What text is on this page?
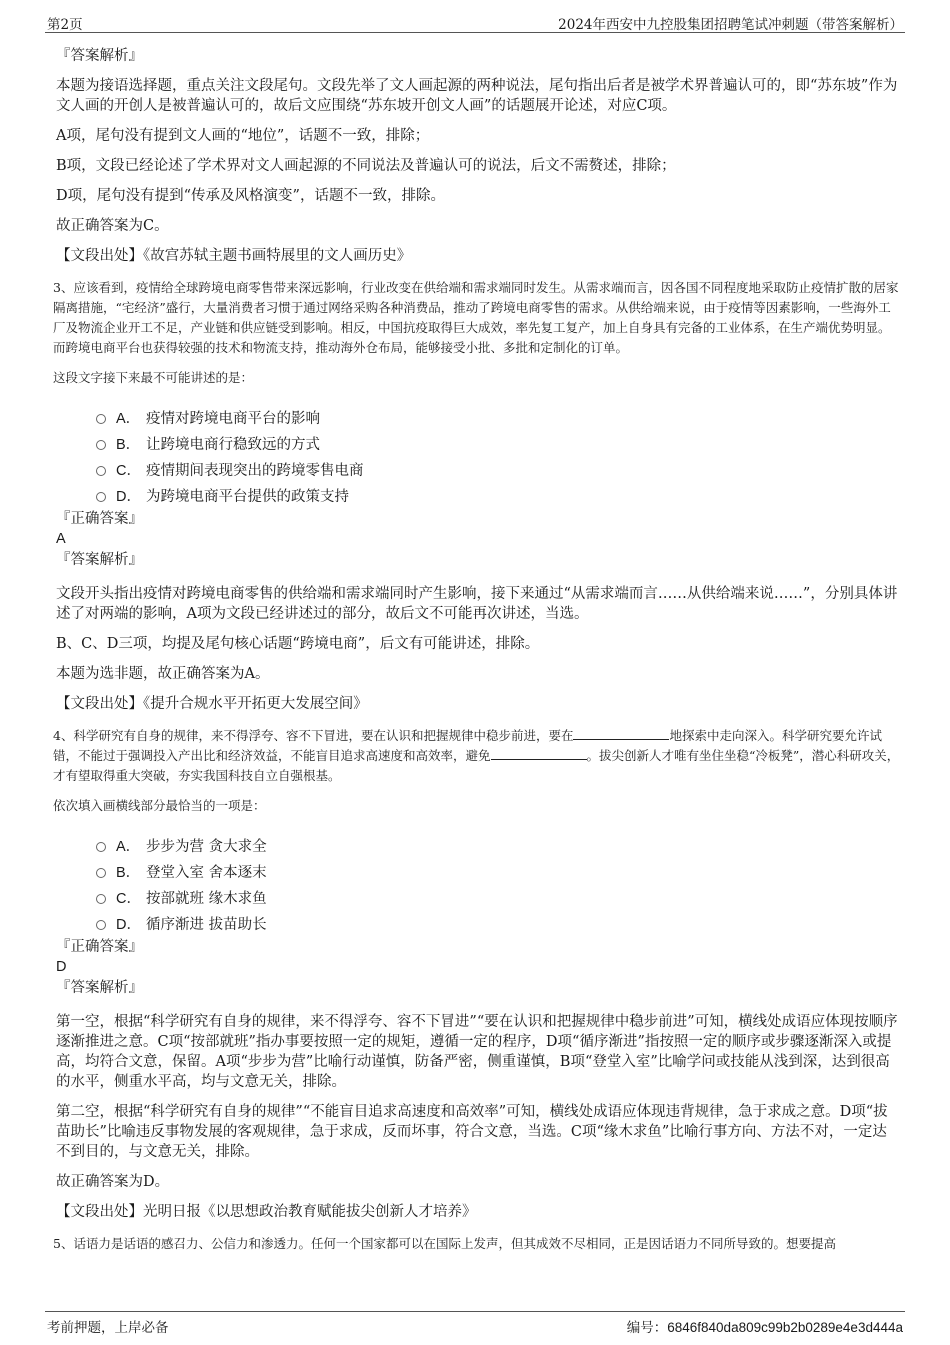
第2页	2024年西安中九控股集团招聘笔试冲刺题（带答案解析）
『答案解析』

本题为接语选择题，重点关注文段尾句。文段先举了文人画起源的两种说法，尾句指出后者是被学术界普遍认可的，即“苏东坡”作为文人画的开创人是被普遍认可的，故后文应围绕“苏东坡开创文人画”的话题展开论述，对应C项。

A项，尾句没有提到文人画的“地位”，话题不一致，排除；

B项，文段已经论述了学术界对文人画起源的不同说法及普遍认可的说法，后文不需赘述，排除；

D项，尾句没有提到“传承及风格演变”，话题不一致，排除。

故正确答案为C。

【文段出处】《故宫苏轼主题书画特展里的文人画历史》

3、应该看到，疫情给全球跨境电商零售带来深远影响，行业改变在供给端和需求端同时发生。从需求端而言，因各国不同程度地采取防止疫情扩散的居家隔离措施，“宅经济”盛行，大量消费者习惯于通过网络采购各种消费品，推动了跨境电商零售的需求。从供给端来说，由于疫情等因素影响，一些海外工厂及物流企业开工不足，产业链和供应链受到影响。相反，中国抗疫取得巨大成效，率先复工复产，加上自身具有完备的工业体系，在生产端优势明显。而跨境电商平台也获得较强的技术和物流支持，推动海外仓布局，能够接受小批、多批和定制化的订单。

这段文字接下来最不可能讲述的是：

A． 疫情对跨境电商平台的影响
B． 让跨境电商行稳致远的方式
C． 疫情期间表现突出的跨境零售电商
D． 为跨境电商平台提供的政策支持
『正确答案』
A
『答案解析』

文段开头指出疫情对跨境电商零售的供给端和需求端同时产生影响，接下来通过“从需求端而言……从供给端来说……”，分别具体讲述了对两端的影响，A项为文段已经讲述过的部分，故后文不可能再次讲述，当选。

B、C、D三项，均提及尾句核心话题“跨境电商”，后文有可能讲述，排除。

本题为选非题，故正确答案为A。

【文段出处】《提升合规水平开拓更大发展空间》

4、科学研究有自身的规律，来不得浮夸、容不下冒进，要在认识和把握规律中稳步前进，要在	地探索中走向深入。科学研究要允许试错，不能过于强调投入产出比和经济效益，不能盲目追求高速度和高效率，避免	。拔尖创新人才唯有坐住坐稳“冷板凳”，潜心科研攻关，才有望取得重大突破，夯实我国科技自立自强根基。

依次填入画横线部分最恰当的一项是：

A． 步步为营 贪大求全
B． 登堂入室 舍本逐末
C． 按部就班 缘木求鱼
D． 循序渐进 拔苗助长
『正确答案』
D
『答案解析』

第一空，根据“科学研究有自身的规律，来不得浮夸、容不下冒进”“要在认识和把握规律中稳步前进”可知，横线处成语应体现按顺序逐渐推进之意。C项“按部就班”指办事要按照一定的规矩，遵循一定的程序，D项“循序渐进”指按照一定的顺序或步骤逐渐深入或提高，均符合文意，保留。A项“步步为营”比喻行动谨慎，防备严密，侧重谨慎，B项“登堂入室”比喻学问或技能从浅到深，达到很高的水平，侧重水平高，均与文意无关，排除。

第二空，根据“科学研究有自身的规律”“不能盲目追求高速度和高效率”可知，横线处成语应体现违背规律，急于求成之意。D项“拔苗助长”比喻违反事物发展的客观规律，急于求成，反而坏事，符合文意，当选。C项“缘木求鱼”比喻行事方向、方法不对，一定达不到目的，与文意无关，排除。

故正确答案为D。

【文段出处】光明日报《以思想政治教育赋能拔尖创新人才培养》

5、话语力是话语的感召力、公信力和渗透力。任何一个国家都可以在国际上发声，但其成效不尽相同，正是因话语力不同所导致的。想要提高

考前押题，上岸必备	编号：6846f840da809c99b2b0289e4e3d444a
